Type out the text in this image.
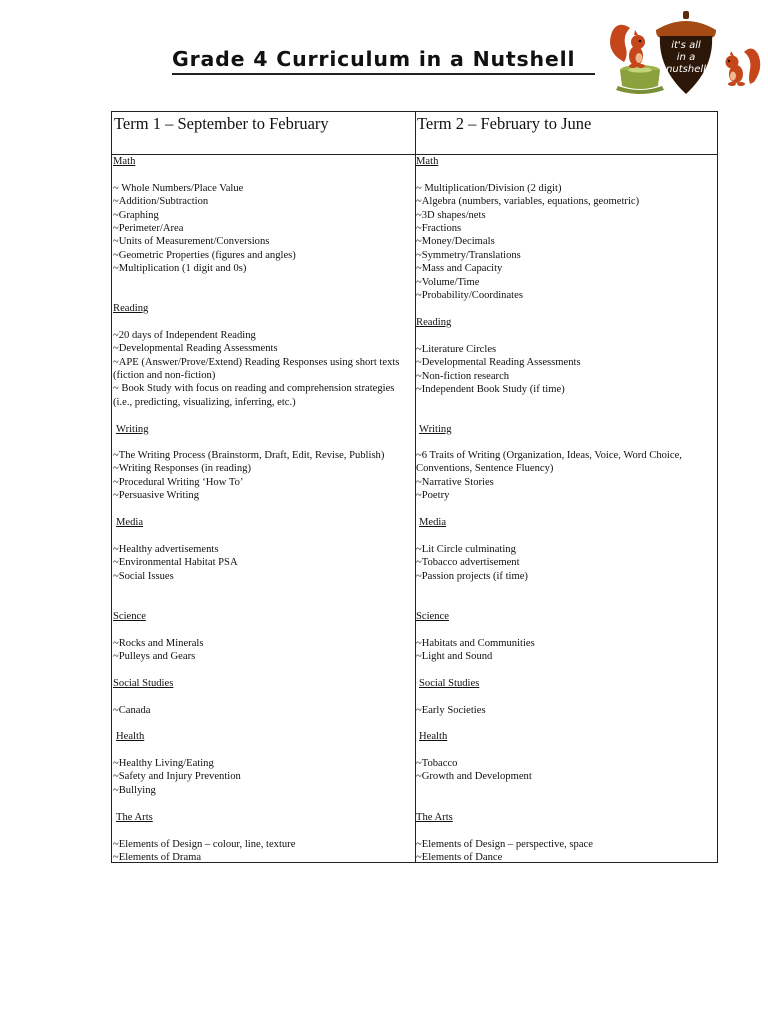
Grade 4 Curriculum in a Nutshell
it's all
in a
nutshell
Term 1 – September to February	Term 2 – February to June
Math
~ Whole Numbers/Place Value
~Addition/Subtraction
~Graphing
~Perimeter/Area
~Units of Measurement/Conversions
~Geometric Properties (figures and angles)
~Multiplication (1 digit and 0s)
Reading
~20 days of Independent Reading
~Developmental Reading Assessments
~APE (Answer/Prove/Extend) Reading Responses using short texts (fiction and non-fiction)
~ Book Study with focus on reading and comprehension strategies (i.e., predicting, visualizing, inferring, etc.)
Writing
~The Writing Process (Brainstorm, Draft, Edit, Revise, Publish)
~Writing Responses (in reading)
~Procedural Writing ‘How To’
~Persuasive Writing
Media
~Healthy advertisements
~Environmental Habitat PSA
~Social Issues
Science
~Rocks and Minerals
~Pulleys and Gears
Social Studies
~Canada
Health
~Healthy Living/Eating
~Safety and Injury Prevention
~Bullying
The Arts
~Elements of Design – colour, line, texture
~Elements of Drama
Math
~ Multiplication/Division (2 digit)
~Algebra (numbers, variables, equations, geometric)
~3D shapes/nets
~Fractions
~Money/Decimals
~Symmetry/Translations
~Mass and Capacity
~Volume/Time
~Probability/Coordinates
Reading
~Literature Circles
~Developmental Reading Assessments
~Non-fiction research
~Independent Book Study (if time)
Writing
~6 Traits of Writing (Organization, Ideas, Voice, Word Choice, Conventions, Sentence Fluency)
~Narrative Stories
~Poetry
Media
~Lit Circle culminating
~Tobacco advertisement
~Passion projects (if time)
Science
~Habitats and Communities
~Light and Sound
Social Studies
~Early Societies
Health
~Tobacco
~Growth and Development
The Arts
~Elements of Design – perspective, space
~Elements of Dance
